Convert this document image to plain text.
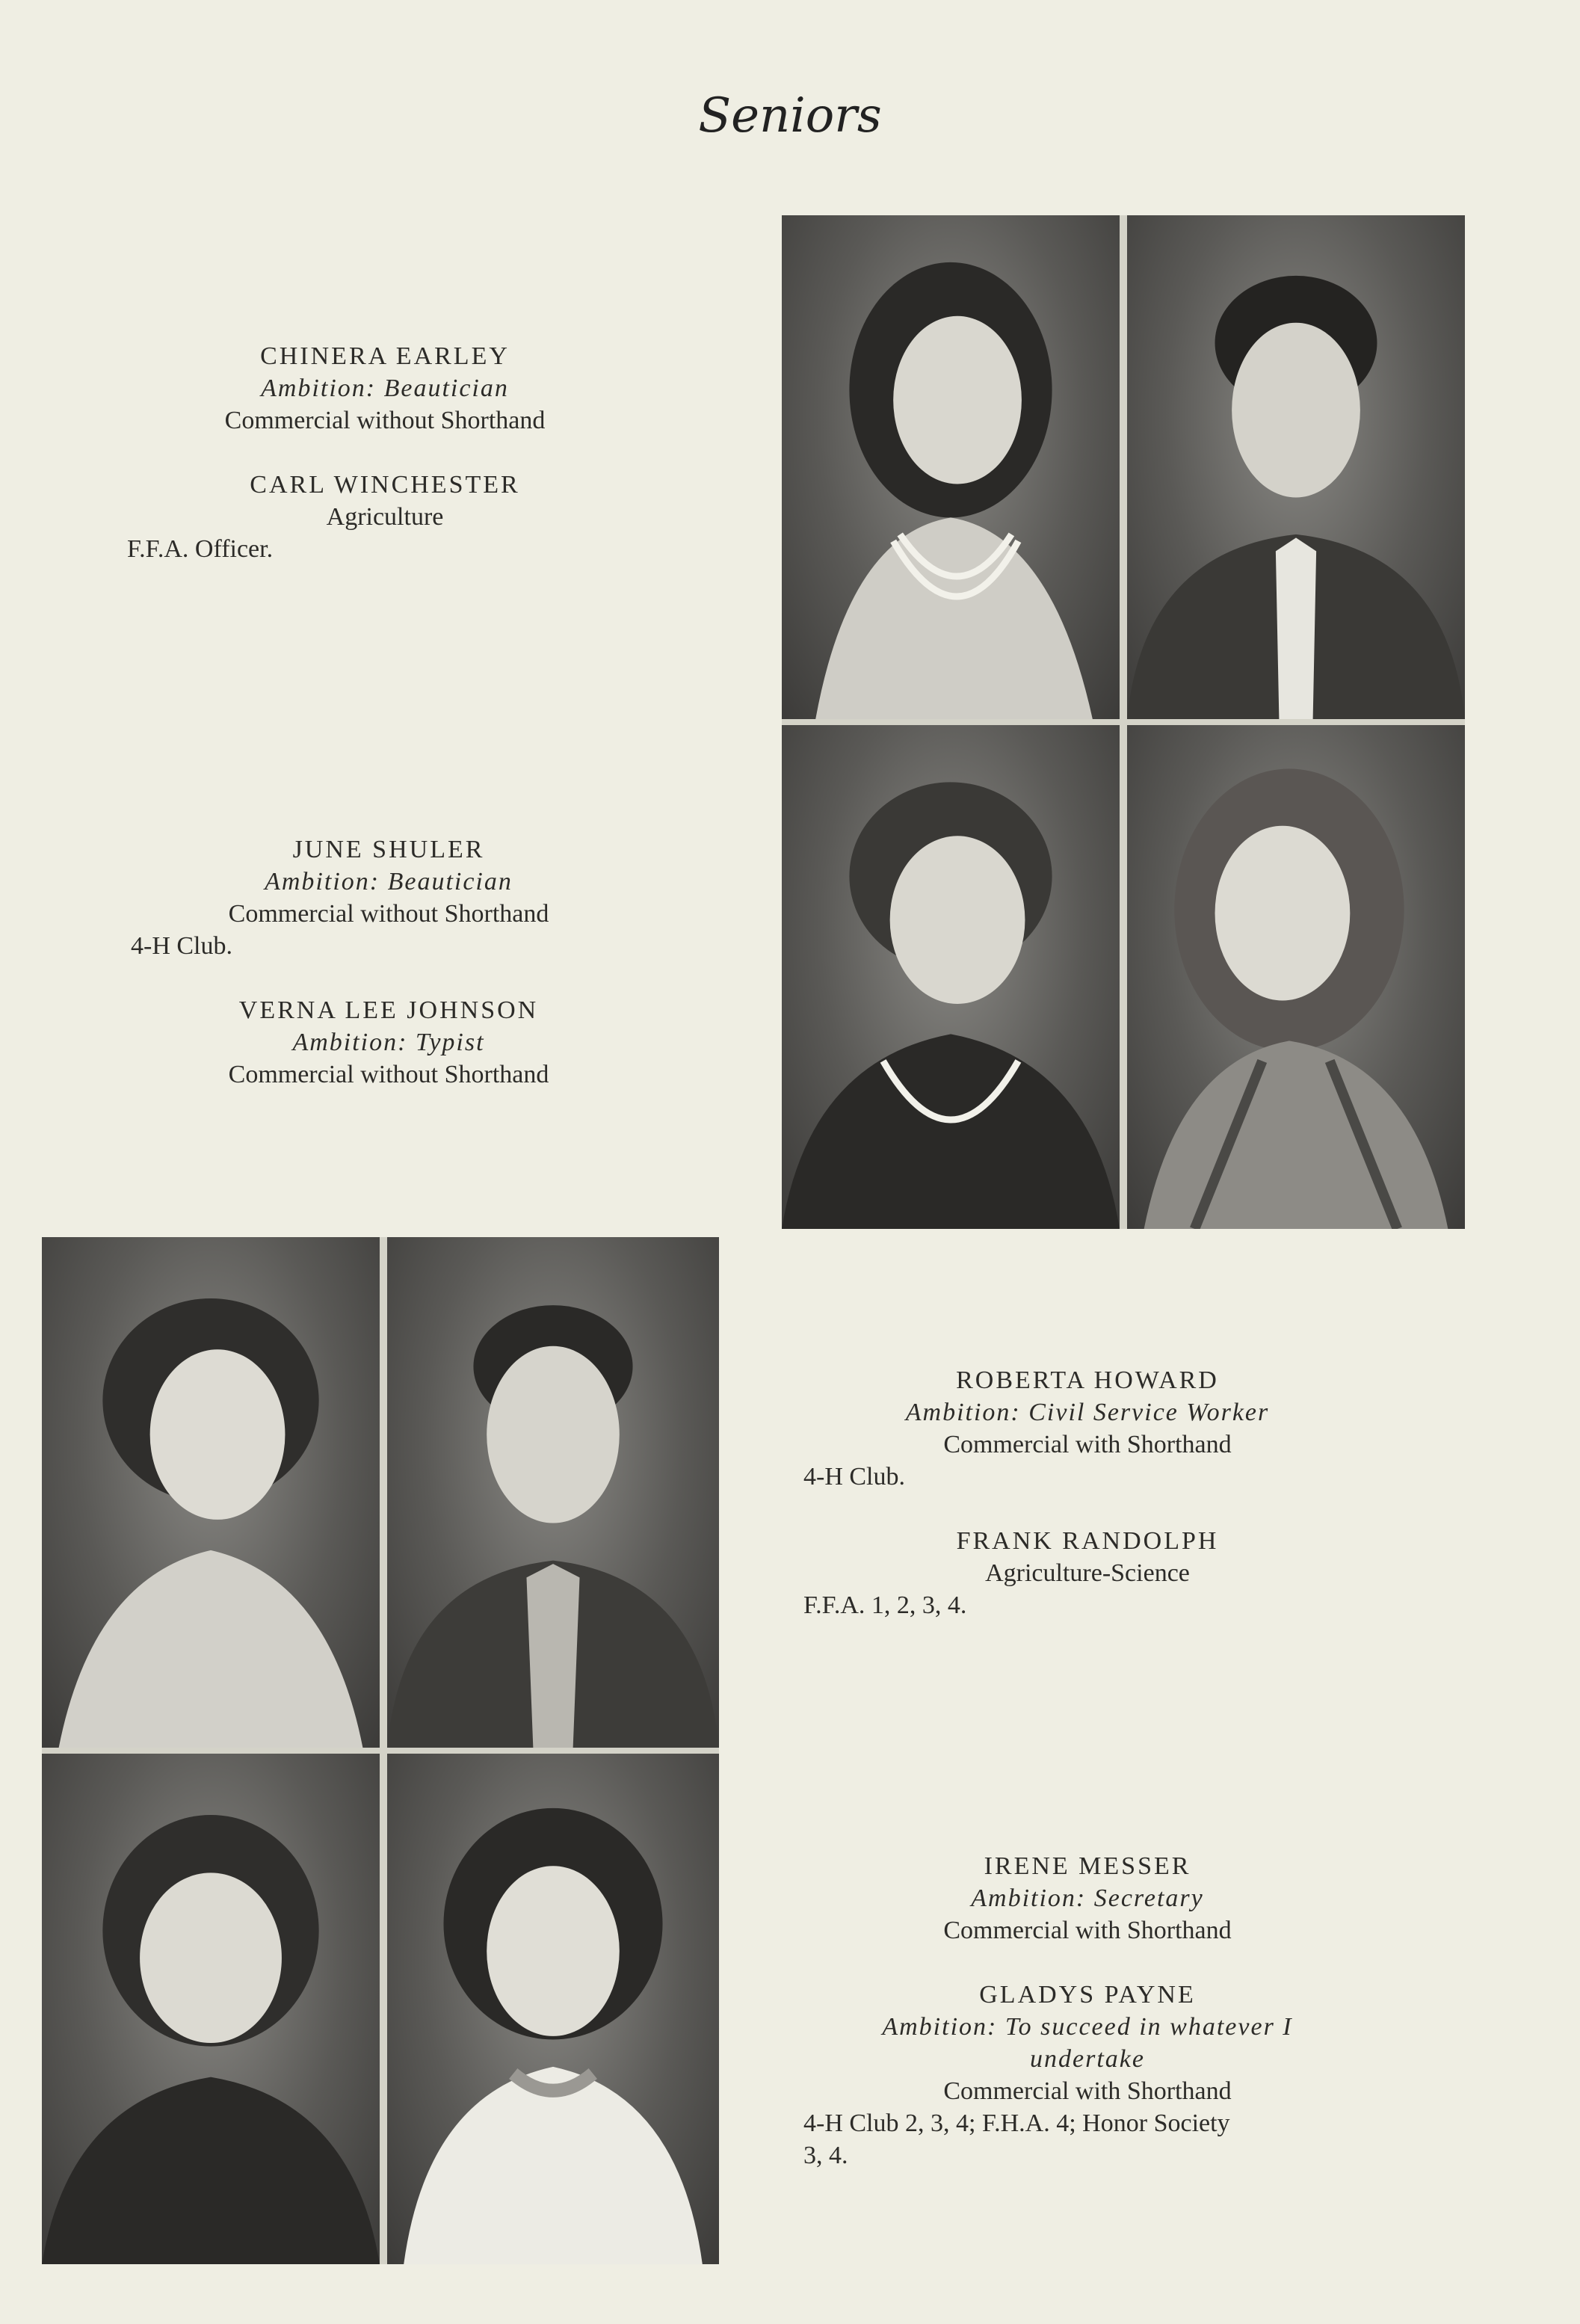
Seniors
CHINERA EARLEY
Ambition: Beautician
Commercial without Shorthand
CARL WINCHESTER
Agriculture
F.F.A. Officer.
JUNE SHULER
Ambition: Beautician
Commercial without Shorthand
4-H Club.
VERNA LEE JOHNSON
Ambition: Typist
Commercial without Shorthand
ROBERTA HOWARD
Ambition: Civil Service Worker
Commercial with Shorthand
4-H Club.
FRANK RANDOLPH
Agriculture-Science
F.F.A. 1, 2, 3, 4.
IRENE MESSER
Ambition: Secretary
Commercial with Shorthand
GLADYS PAYNE
Ambition: To succeed in whatever I
undertake
Commercial with Shorthand
4-H Club 2, 3, 4; F.H.A. 4; Honor Society
3, 4.
